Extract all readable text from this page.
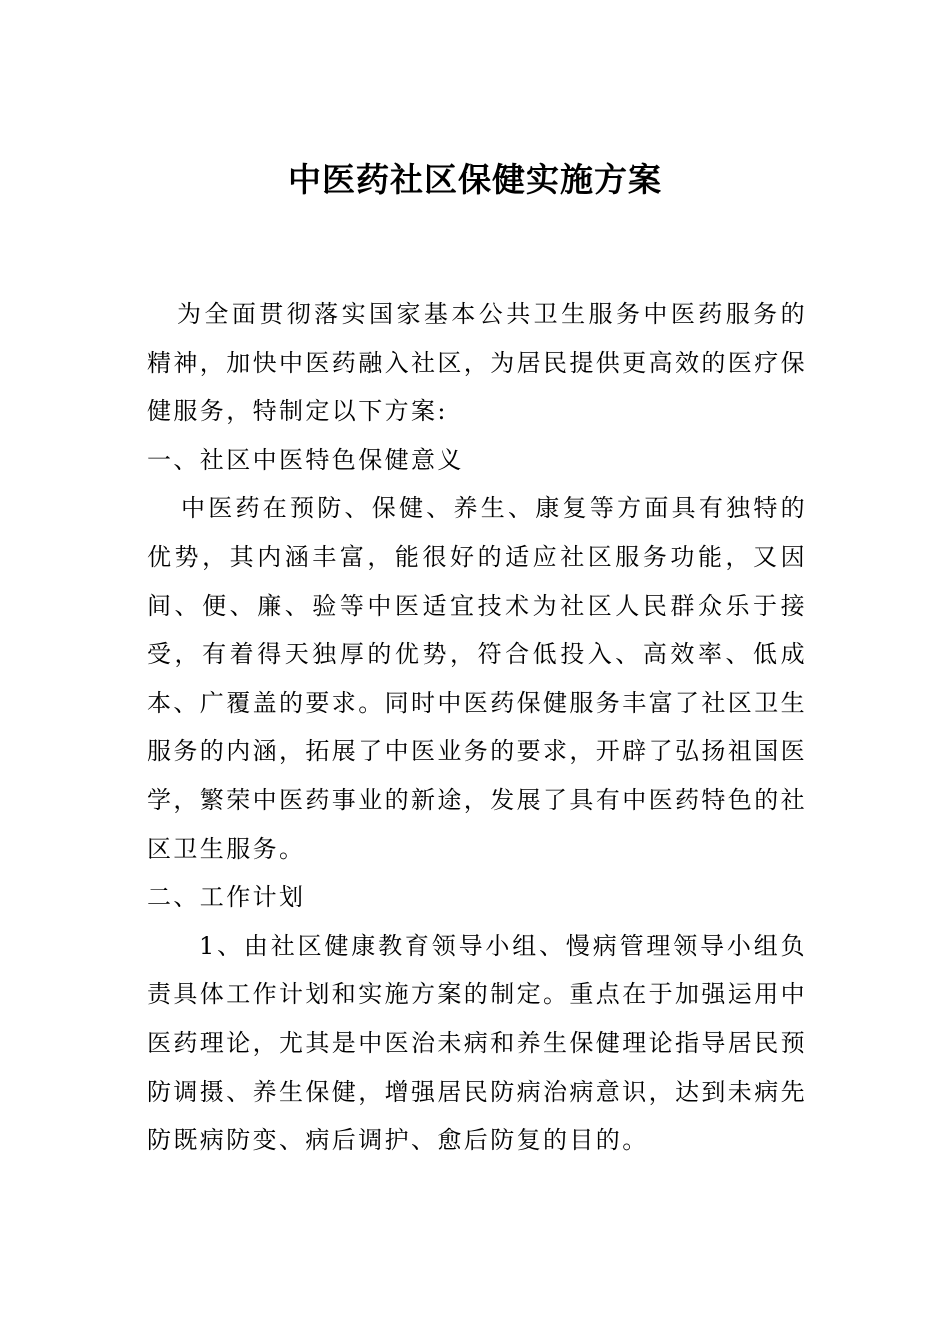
中医药社区保健实施方案

为全面贯彻落实国家基本公共卫生服务中医药服务的精神，加快中医药融入社区，为居民提供更高效的医疗保健服务，特制定以下方案:

一、社区中医特色保健意义

中医药在预防、保健、养生、康复等方面具有独特的优势，其内涵丰富，能很好的适应社区服务功能，又因间、便、廉、验等中医适宜技术为社区人民群众乐于接受，有着得天独厚的优势，符合低投入、高效率、低成本、广覆盖的要求。同时中医药保健服务丰富了社区卫生服务的内涵，拓展了中医业务的要求，开辟了弘扬祖国医学，繁荣中医药事业的新途，发展了具有中医药特色的社区卫生服务。

二、工作计划

1、由社区健康教育领导小组、慢病管理领导小组负责具体工作计划和实施方案的制定。重点在于加强运用中医药理论，尤其是中医治未病和养生保健理论指导居民预防调摄、养生保健，增强居民防病治病意识，达到未病先防既病防变、病后调护、愈后防复的目的。
